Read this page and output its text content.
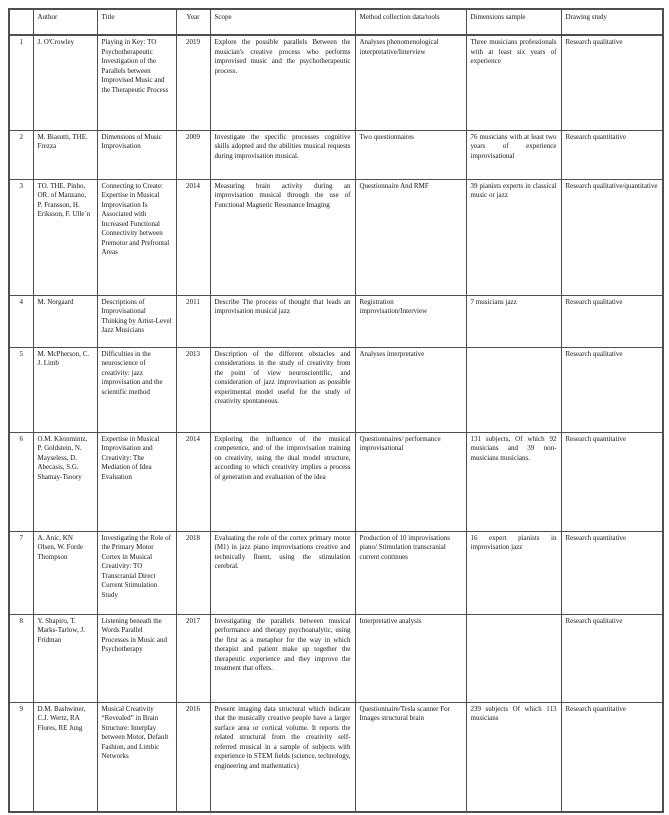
	Author	Title	Year	Scope	Method collection data/tools	Dimensions sample	Drawing study
1	J. O'Crowley	Playing in Key: TO Psychotherapeutic Investigation of the Parallels between Improvised Music and the Therapeutic Process	2019	Explore the possible parallels Between the musician's creative process who performs improvised music and the psychotherapeutic process.	Analyses phenomenological interpretative/Interview	Three musicians professionals with at least six years of experience	Research qualitative
2	M. Biasutti, THE. Frezza	Dimensions of Music Improvisation	2009	Investigate the specific processes cognitive skills adopted and the abilities musical requests during improvisation musical.	Two questionnaires	76 musicians with at least two years of experience improvisational	Research quantitative
3	TO. THE. Pinho, OR. of Manzano, P. Fransson, H. Eriksson, F. Ulle´n	Connecting to Create: Expertise in Musical Improvisation Is Associated with Increased Functional Connectivity between Premotor and Prefrontal Areas	2014	Measuring brain activity during an improvisation musical through the use of Functional Magnetic Resonance Imaging	Questionnaire And RMF	39 pianists experts in classical music or jazz	Research qualitative/quantitative
4	M. Norgaard	Descriptions of Improvisational Thinking by Artist-Level Jazz Musicians	2011	Describe The process of thought that leads an improvisation musical jazz	Registration improvisation/Interview	7 musicians jazz	Research qualitative
5	M. McPherson, C. J. Limb	Difficulties in the neuroscience of creativity: jazz improvisation and the scientific method	2013	Description of the different obstacles and considerations in the study of creativity from the point of view neuroscientific, and consideration of jazz improvisation as possible experimental model useful for the study of creativity spontaneous.	Analyses interpretative		Research qualitative
6	O.M. Kleinmintz, P. Goldstein, N. Mayseless, D. Abecasis, S.G. Shamay-Tsoory	Expertise in Musical Improvisation and Creativity: The Mediation of Idea Evaluation	2014	Exploring the influence of the musical competence, and of the improvisation training on creativity, using the dual model structure, according to which creativity implies a process of generation and evaluation of the idea	Questionnaires/ performance improvisational	131 subjects, Of which 92 musicians and 39 non-musicians musicians.	Research quantitative
7	A. Anic, KN Olsen, W. Forde Thompson	Investigating the Role of the Primary Motor Cortex in Musical Creativity: TO Transcranial Direct Current Stimulation Study	2018	Evaluating the role of the cortex primary motor (M1) in jazz piano improvisations creative and technically fluent, using the stimulation cerebral.	Production of 10 improvisations piano/ Stimulation transcranial current continues	16 expert pianists in improvisation jazz	Research quantitative
8	Y. Shapiro, T. Marks-Tarlow, J. Fridman	Listening beneath the Words Parallel Processes in Music and Psychotherapy	2017	Investigating the parallels between musical performance and therapy psychoanalytic, using the first as a metaphor for the way in which therapist and patient make up together the therapeutic experience and they improve the treatment that offers.	Interpretative analysis		Research qualitative
9	D.M. Bashwiner, C.J. Wertz, RA Flores, RE Jung	Musical Creativity “Revealed” in Brain Structure: Interplay between Motor, Default Fashion, and Limbic Networks	2016	Present imaging data structural which indicate that the musically creative people have a larger surface area or cortical volume. It reports the related structural from the creativity self-referred musical in a sample of subjects with experience in STEM fields (science, technology, engineering and mathematics)	Questionnaire/Tesla scanner For Images structural brain	239 subjects Of which 113 musicians	Research quantitative
